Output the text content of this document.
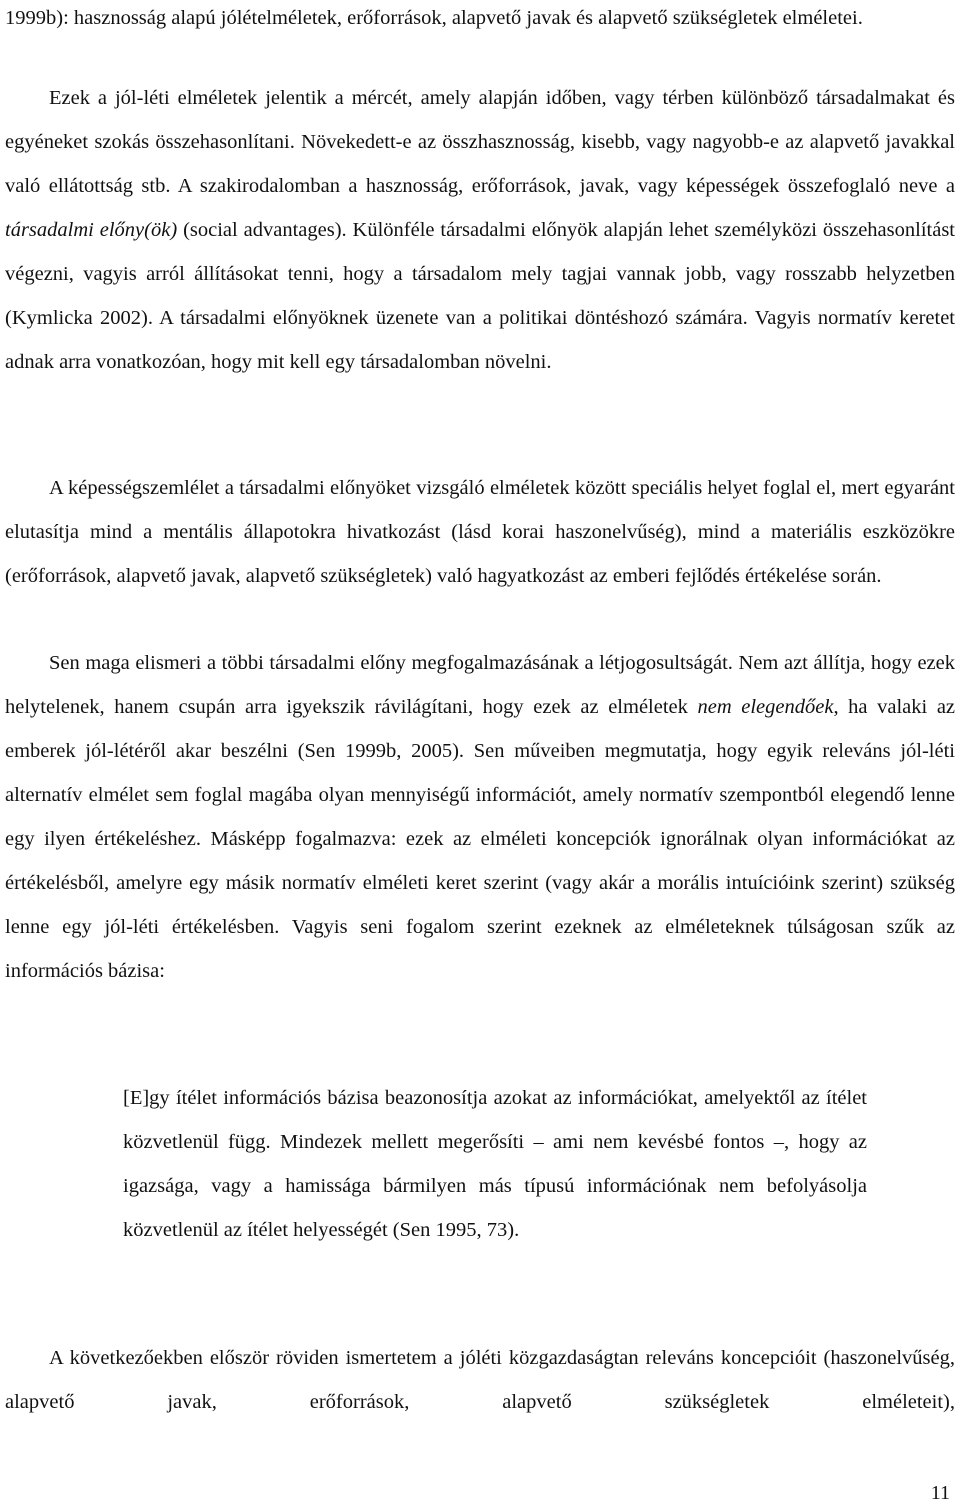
1999b): hasznosság alapú jólételméletek, erőforrások, alapvető javak és alapvető szükségletek elméletei.

Ezek a jól-léti elméletek jelentik a mércét, amely alapján időben, vagy térben különböző társadalmakat és egyéneket szokás összehasonlítani. Növekedett-e az összhasznosság, kisebb, vagy nagyobb-e az alapvető javakkal való ellátottság stb. A szakirodalomban a hasznosság, erőforrások, javak, vagy képességek összefoglaló neve a társadalmi előny(ök) (social advantages). Különféle társadalmi előnyök alapján lehet személyközi összehasonlítást végezni, vagyis arról állításokat tenni, hogy a társadalom mely tagjai vannak jobb, vagy rosszabb helyzetben (Kymlicka 2002). A társadalmi előnyöknek üzenete van a politikai döntéshozó számára. Vagyis normatív keretet adnak arra vonatkozóan, hogy mit kell egy társadalomban növelni.

A képességszemlélet a társadalmi előnyöket vizsgáló elméletek között speciális helyet foglal el, mert egyaránt elutasítja mind a mentális állapotokra hivatkozást (lásd korai haszonelvűség), mind a materiális eszközökre (erőforrások, alapvető javak, alapvető szükségletek) való hagyatkozást az emberi fejlődés értékelése során.

Sen maga elismeri a többi társadalmi előny megfogalmazásának a létjogosultságát. Nem azt állítja, hogy ezek helytelenek, hanem csupán arra igyekszik rávilágítani, hogy ezek az elméletek nem elegendőek, ha valaki az emberek jól-létéről akar beszélni (Sen 1999b, 2005). Sen műveiben megmutatja, hogy egyik releváns jól-léti alternatív elmélet sem foglal magába olyan mennyiségű információt, amely normatív szempontból elegendő lenne egy ilyen értékeléshez. Másképp fogalmazva: ezek az elméleti koncepciók ignorálnak olyan információkat az értékelésből, amelyre egy másik normatív elméleti keret szerint (vagy akár a morális intuícióink szerint) szükség lenne egy jól-léti értékelésben. Vagyis seni fogalom szerint ezeknek az elméleteknek túlságosan szűk az információs bázisa:

[E]gy ítélet információs bázisa beazonosítja azokat az információkat, amelyektől az ítélet közvetlenül függ. Mindezek mellett megerősíti – ami nem kevésbé fontos –, hogy az igazsága, vagy a hamissága bármilyen más típusú információnak nem befolyásolja közvetlenül az ítélet helyességét (Sen 1995, 73).

A következőekben először röviden ismertetem a jóléti közgazdaságtan releváns koncepcióit (haszonelvűség, alapvető javak, erőforrások, alapvető szükségletek elméleteit),

11
